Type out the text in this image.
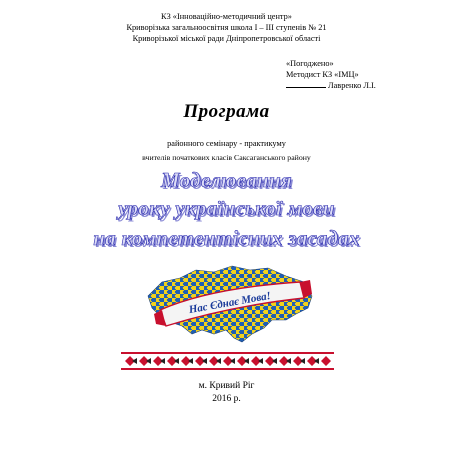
КЗ «Інноваційно-методичний центр»
Криворізька загальноосвітня школа І – ІІІ ступенів № 21
Криворізької міської ради Дніпропетровської області
«Погоджено»
Методист КЗ «ІМЦ»
Лавренко Л.І.
Програма
районного семінару - практикуму
вчителів початкових класів Саксаганського району
Моделювання
уроку української мови
на компетентісних засадах
Нас Єднає Мова!
м. Кривий Ріг
2016 р.
